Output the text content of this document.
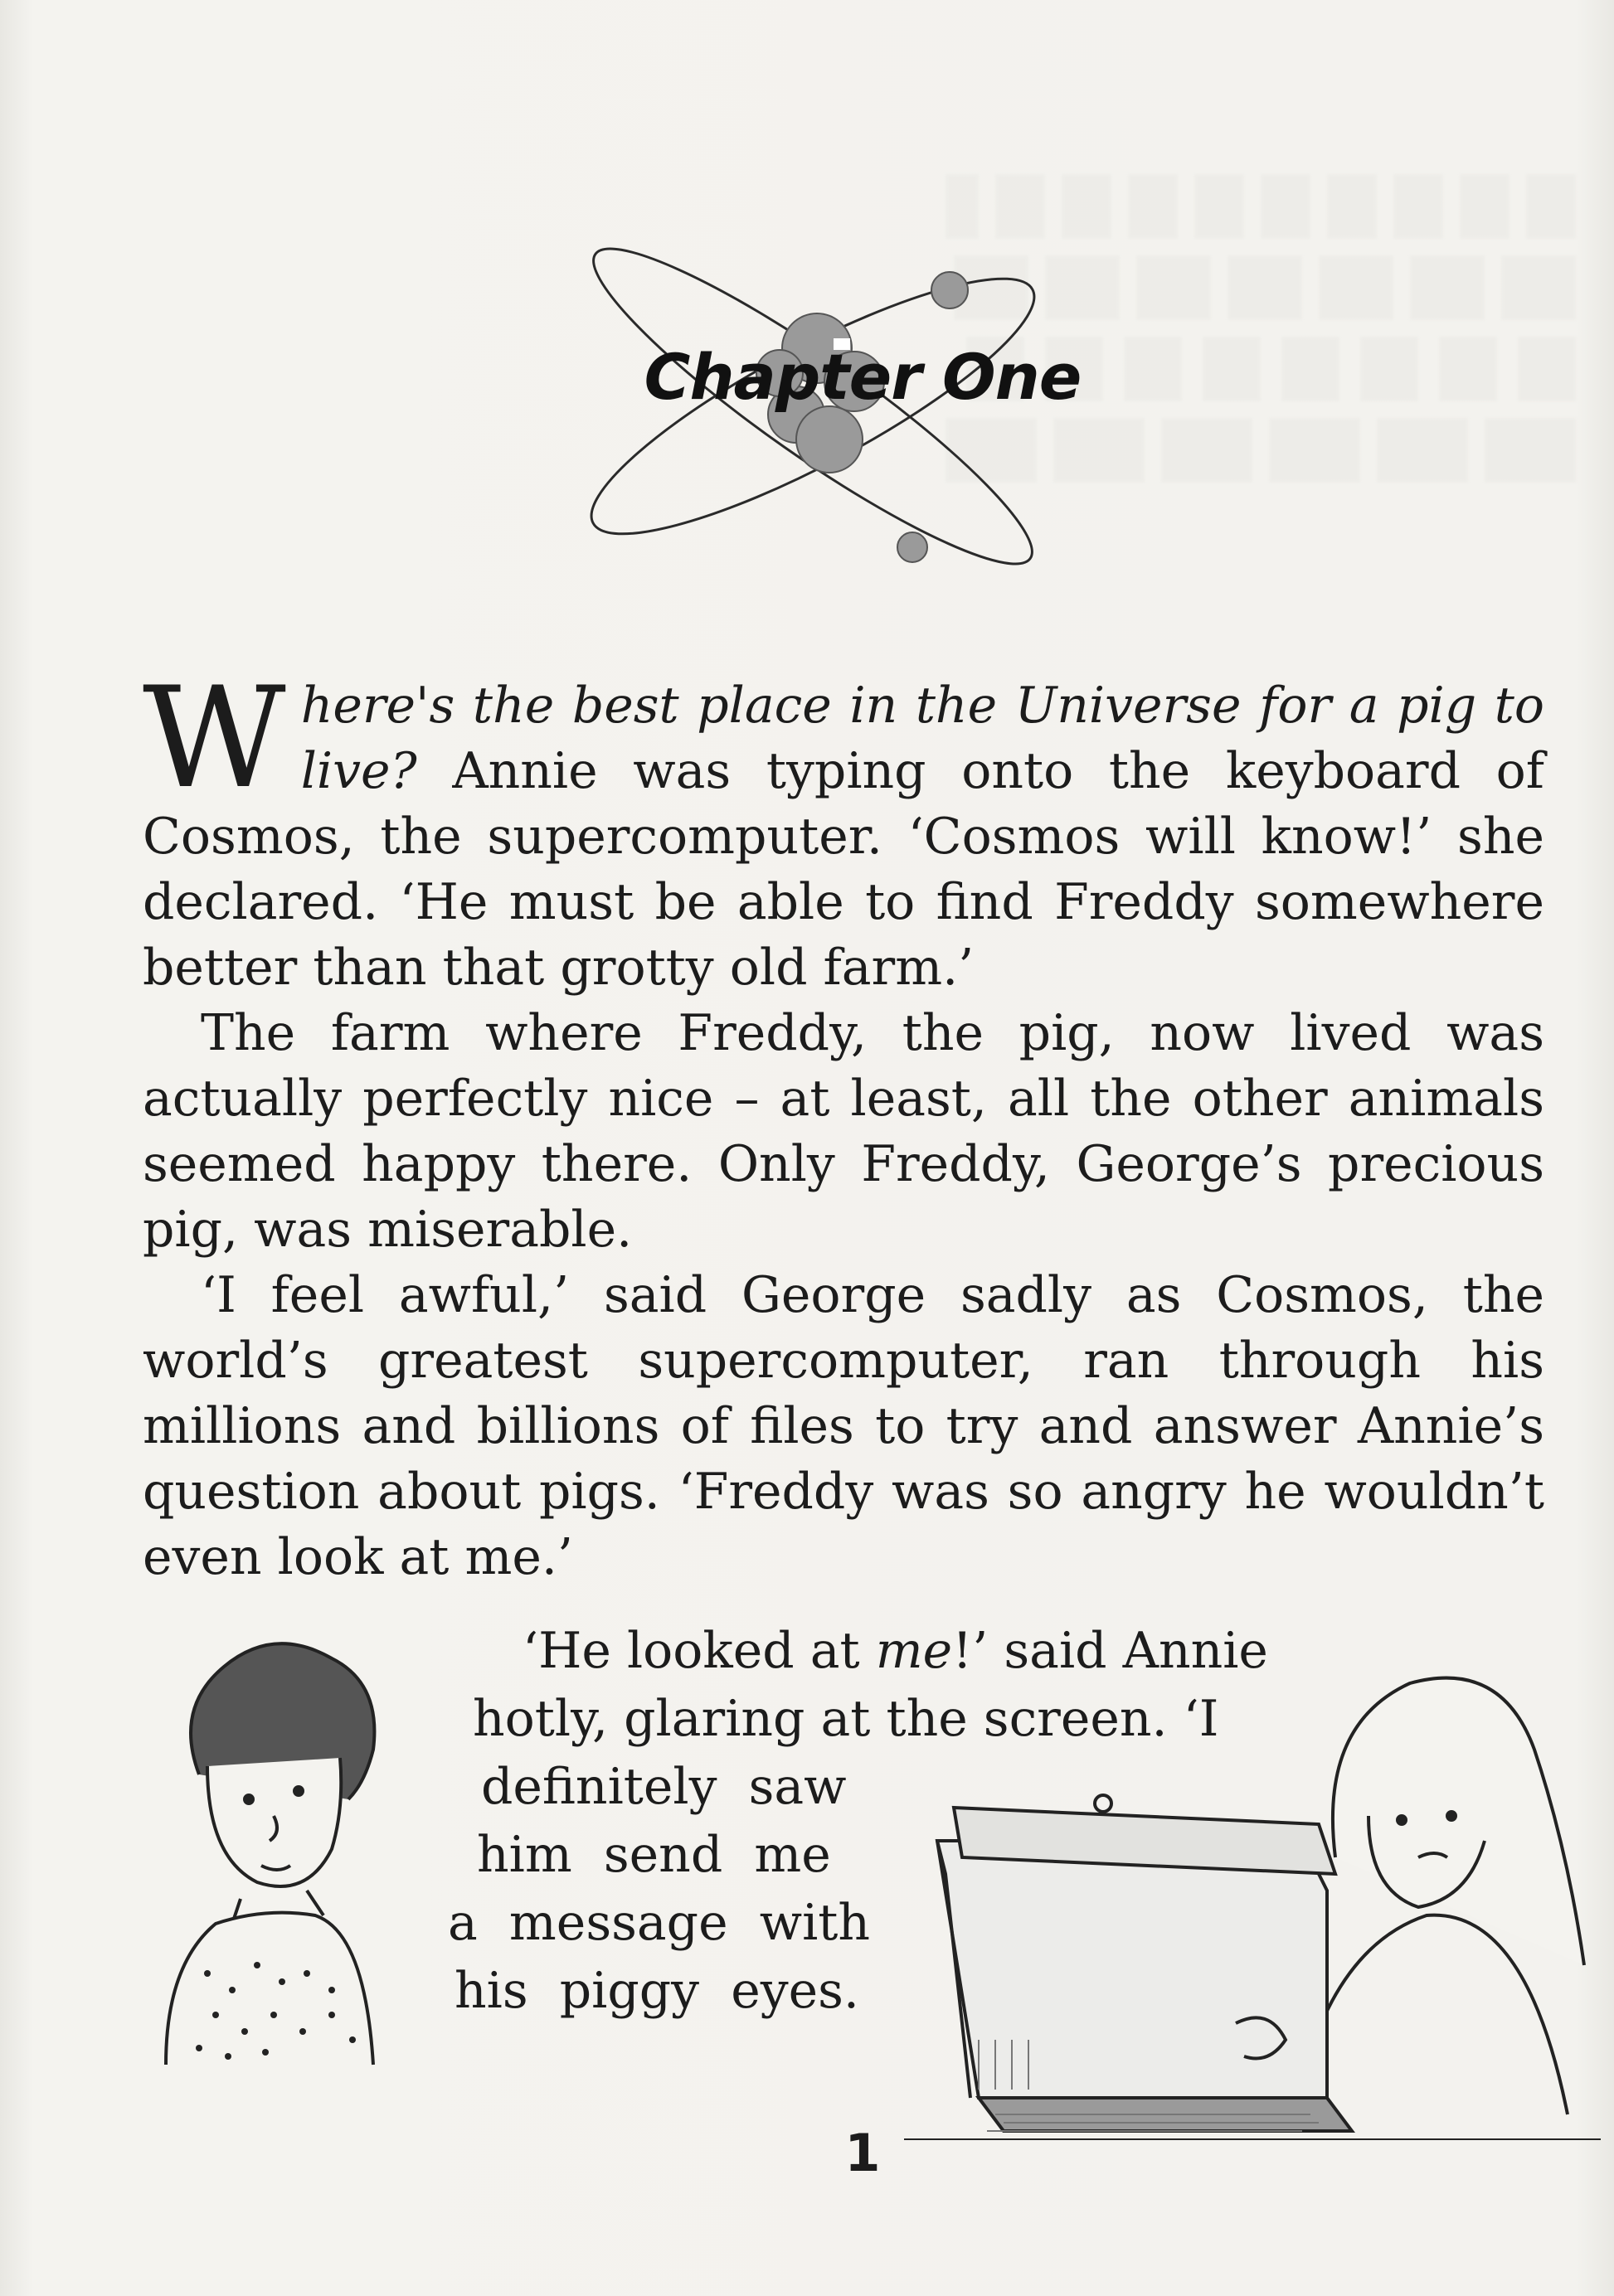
Chapter One

Where's the best place in the Universe for a pig to live? Annie was typing onto the keyboard of Cosmos, the supercomputer. ‘Cosmos will know!’ she declared. ‘He must be able to find Freddy somewhere better than that grotty old farm.’

The farm where Freddy, the pig, now lived was actually perfectly nice – at least, all the other animals seemed happy there. Only Freddy, George’s precious pig, was miserable.

‘I feel awful,’ said George sadly as Cosmos, the world’s greatest supercomputer, ran through his millions and billions of files to try and answer Annie’s question about pigs. ‘Freddy was so angry he wouldn’t even look at me.’

‘He looked at me!’ said Annie
hotly, glaring at the screen. ‘I
definitely  saw
him  send  me
a  message  with
his  piggy  eyes.
1
